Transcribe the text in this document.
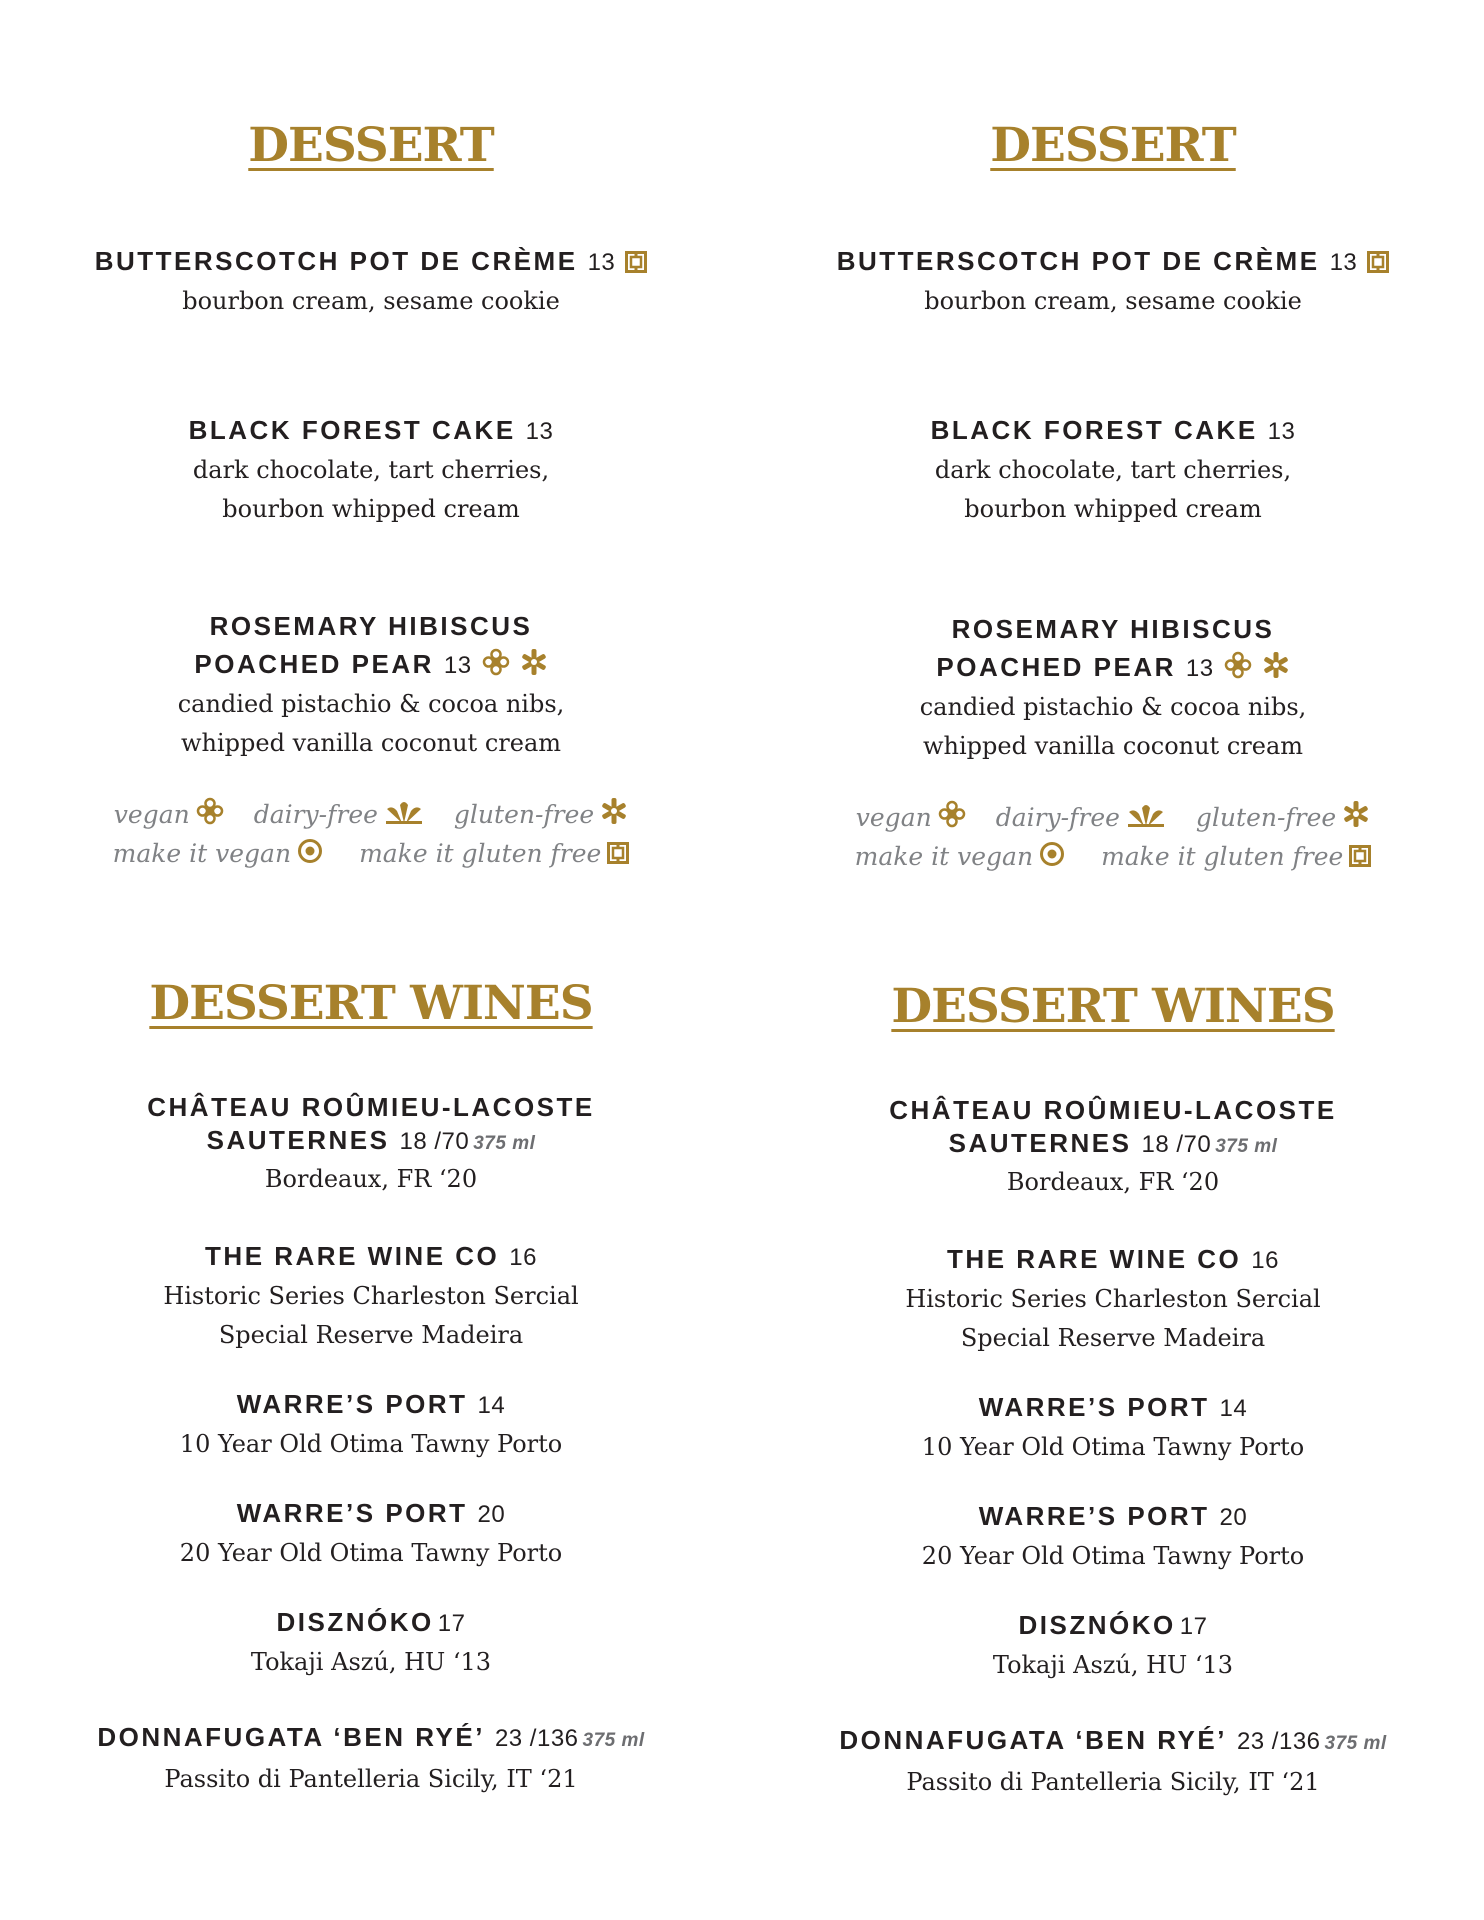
DESSERT
BUTTERSCOTCH POT DE CRÈME 13
bourbon cream, sesame cookie
BLACK FOREST CAKE 13
dark chocolate, tart cherries,
bourbon whipped cream
ROSEMARY HIBISCUS
POACHED PEAR 13
candied pistachio & cocoa nibs,
whipped vanilla coconut cream
vegan	dairy-free	gluten-free
make it vegan	make it gluten free
DESSERT WINES
CHÂTEAU ROÛMIEU-LACOSTE
SAUTERNES 18 /70 375 ml
Bordeaux, FR ‘20
THE RARE WINE CO 16
Historic Series Charleston Sercial
Special Reserve Madeira
WARRE’S PORT 14
10 Year Old Otima Tawny Porto
WARRE’S PORT 20
20 Year Old Otima Tawny Porto
DISZNÓKO 17
Tokaji Aszú, HU ‘13
DONNAFUGATA ‘BEN RYÉ’ 23 /136 375 ml
Passito di Pantelleria Sicily, IT ‘21
DESSERT
BUTTERSCOTCH POT DE CRÈME 13
bourbon cream, sesame cookie
BLACK FOREST CAKE 13
dark chocolate, tart cherries,
bourbon whipped cream
ROSEMARY HIBISCUS
POACHED PEAR 13
candied pistachio & cocoa nibs,
whipped vanilla coconut cream
vegan	dairy-free	gluten-free
make it vegan	make it gluten free
DESSERT WINES
CHÂTEAU ROÛMIEU-LACOSTE
SAUTERNES 18 /70 375 ml
Bordeaux, FR ‘20
THE RARE WINE CO 16
Historic Series Charleston Sercial
Special Reserve Madeira
WARRE’S PORT 14
10 Year Old Otima Tawny Porto
WARRE’S PORT 20
20 Year Old Otima Tawny Porto
DISZNÓKO 17
Tokaji Aszú, HU ‘13
DONNAFUGATA ‘BEN RYÉ’ 23 /136 375 ml
Passito di Pantelleria Sicily, IT ‘21
